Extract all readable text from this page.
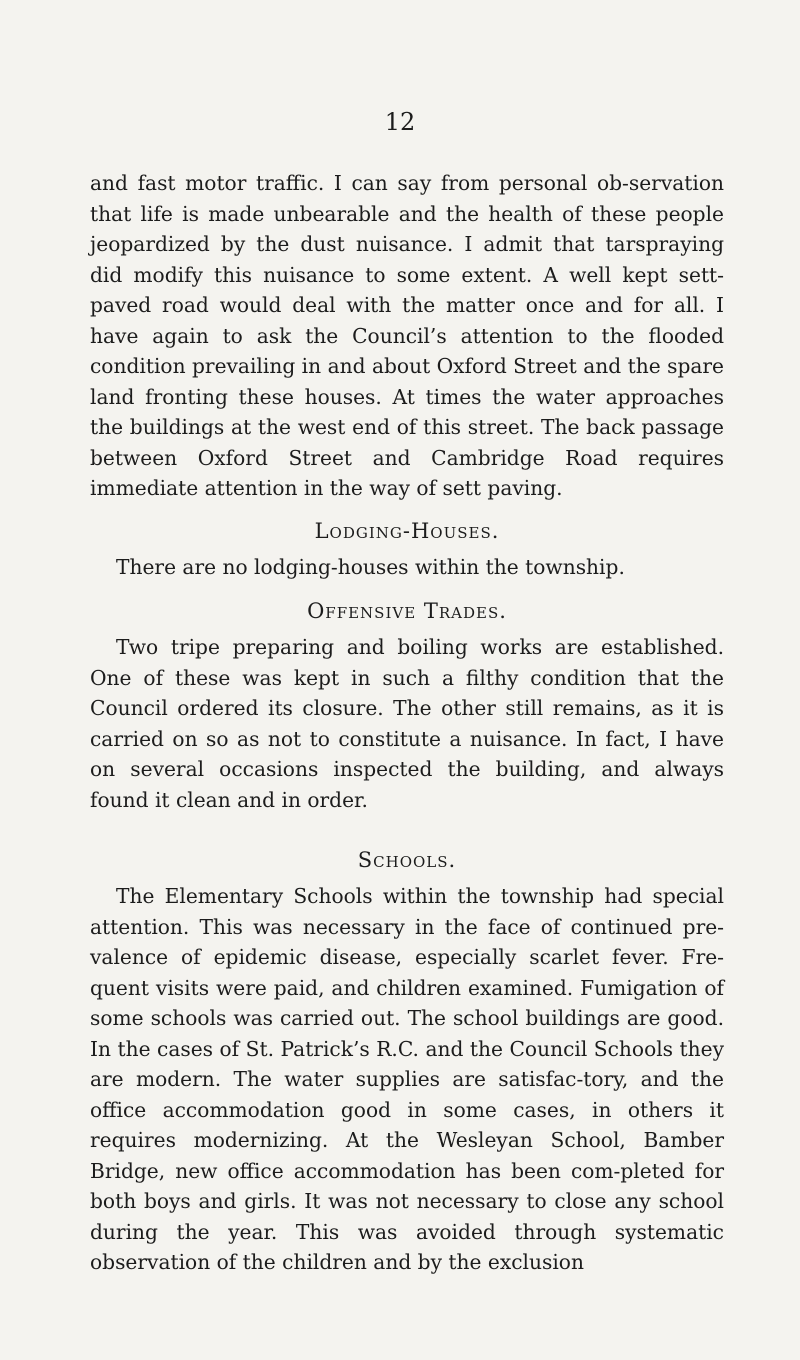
12

and fast motor traffic. I can say from personal ob-servation that life is made unbearable and the health of these people jeopardized by the dust nuisance. I admit that tarspraying did modify this nuisance to some extent. A well kept sett-paved road would deal with the matter once and for all. I have again to ask the Council’s attention to the flooded condition prevailing in and about Oxford Street and the spare land fronting these houses. At times the water approaches the buildings at the west end of this street. The back passage between Oxford Street and Cambridge Road requires immediate attention in the way of sett paving.

Lodging-Houses.

There are no lodging-houses within the township.

Offensive Trades.

Two tripe preparing and boiling works are established. One of these was kept in such a filthy condition that the Council ordered its closure. The other still remains, as it is carried on so as not to constitute a nuisance. In fact, I have on several occasions inspected the building, and always found it clean and in order.

Schools.

The Elementary Schools within the township had special attention. This was necessary in the face of continued pre-valence of epidemic disease, especially scarlet fever. Fre-quent visits were paid, and children examined. Fumigation of some schools was carried out. The school buildings are good. In the cases of St. Patrick’s R.C. and the Council Schools they are modern. The water supplies are satisfac-tory, and the office accommodation good in some cases, in others it requires modernizing. At the Wesleyan School, Bamber Bridge, new office accommodation has been com-pleted for both boys and girls. It was not necessary to close any school during the year. This was avoided through systematic observation of the children and by the exclusion
